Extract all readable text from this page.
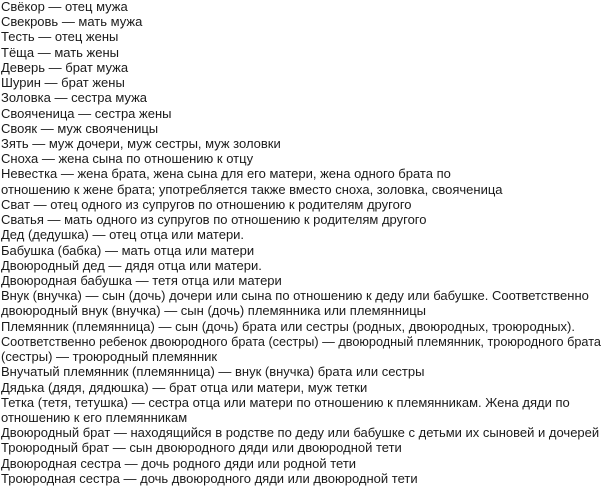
Свёкор — отец мужа
Свекровь — мать мужа
Тесть — отец жены
Тёща — мать жены
Деверь — брат мужа
Шурин — брат жены
Золовка — сестра мужа
Свояченица — сестра жены
Свояк — муж свояченицы
Зять — муж дочери, муж сестры, муж золовки
Сноха — жена сына по отношению к отцу
Невестка — жена брата, жена сына для его матери, жена одного брата по
отношению к жене брата; употребляется также вместо сноха, золовка, свояченица
Сват — отец одного из супругов по отношению к родителям другого
Сватья — мать одного из супругов по отношению к родителям другого
Дед (дедушка) — отец отца или матери.
Бабушка (бабка) — мать отца или матери
Двоюродный дед — дядя отца или матери.
Двоюродная бабушка — тетя отца или матери
Внук (внучка) — сын (дочь) дочери или сына по отношению к деду или бабушке. Соответственно
двоюродный внук (внучка) — сын (дочь) племянника или племянницы
Племянник (племянница) — сын (дочь) брата или сестры (родных, двоюродных, троюродных).
Соответственно ребенок двоюродного брата (сестры) — двоюродный племянник, троюродного брата
(сестры) — троюродный племянник
Внучатый племянник (племянница) — внук (внучка) брата или сестры
Дядька (дядя, дядюшка) — брат отца или матери, муж тетки
Тетка (тетя, тетушка) — сестра отца или матери по отношению к племянникам. Жена дяди по
отношению к его племянникам
Двоюродный брат — находящийся в родстве по деду или бабушке с детьми их сыновей и дочерей
Троюродный брат — сын двоюродного дяди или двоюродной тети
Двоюродная сестра — дочь родного дяди или родной тети
Троюродная сестра — дочь двоюродного дяди или двоюродной тети
